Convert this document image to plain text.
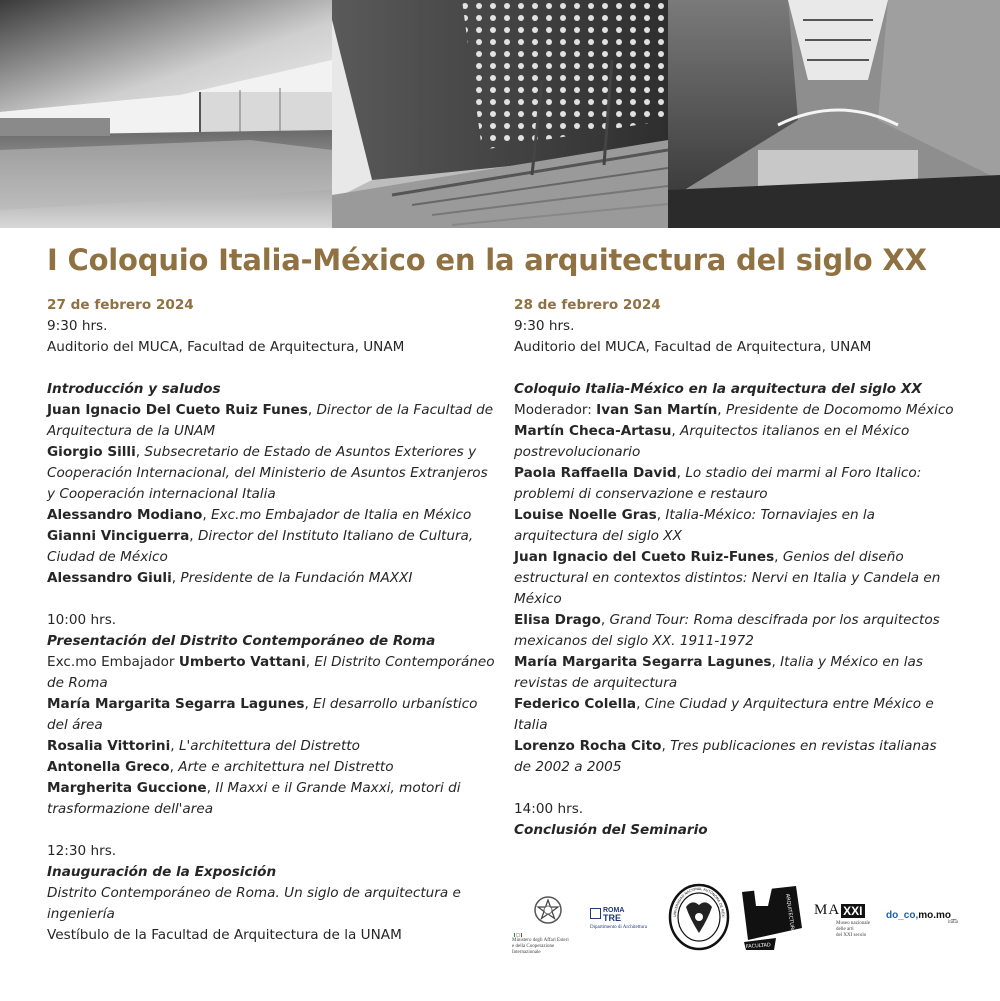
I Coloquio Italia-México en la arquitectura del siglo XX

27 de febrero 2024

9:30 hrs.

Auditorio del MUCA, Facultad de Arquitectura, UNAM

Introducción y saludos

Juan Ignacio Del Cueto Ruiz Funes, Director de la Facultad de Arquitectura de la UNAM

Giorgio Silli, Subsecretario de Estado de Asuntos Exteriores y Cooperación Internacional, del Ministerio de Asuntos Extranjeros y Cooperación internacional Italia

Alessandro Modiano, Exc.mo Embajador de Italia en México

Gianni Vinciguerra, Director del Instituto Italiano de Cultura, Ciudad de México

Alessandro Giuli, Presidente de la Fundación MAXXI

10:00 hrs.

Presentación del Distrito Contemporáneo de Roma

Exc.mo Embajador Umberto Vattani, El Distrito Contemporáneo de Roma

María Margarita Segarra Lagunes, El desarrollo urbanístico del área

Rosalia Vittorini, L'architettura del Distretto

Antonella Greco, Arte e architettura nel Distretto

Margherita Guccione, Il Maxxi e il Grande Maxxi, motori di trasformazione dell'area

12:30 hrs.

Inauguración de la Exposición

Distrito Contemporáneo de Roma. Un siglo de arquitectura e ingeniería

Vestíbulo de la Facultad de Arquitectura de la UNAM

28 de febrero 2024

9:30 hrs.

Auditorio del MUCA, Facultad de Arquitectura, UNAM

Coloquio Italia-México en la arquitectura del siglo XX

Moderador: Ivan San Martín, Presidente de Docomomo México

Martín Checa-Artasu, Arquitectos italianos en el México postrevolucionario

Paola Raffaella David, Lo stadio dei marmi al Foro Italico: problemi di conservazione e restauro

Louise Noelle Gras, Italia-México: Tornaviajes en la arquitectura del siglo XX

Juan Ignacio del Cueto Ruiz-Funes, Genios del diseño estructural en contextos distintos: Nervi en Italia y Candela en México

Elisa Drago, Grand Tour: Roma descifrada por los arquitectos mexicanos del siglo XX. 1911-1972

María Margarita Segarra Lagunes, Italia y México en las revistas de arquitectura

Federico Colella, Cine Ciudad y Arquitectura entre México e Italia

Lorenzo Rocha Cito, Tres publicaciones en revistas italianas de 2002 a 2005

14:00 hrs.

Conclusión del Seminario

Ministero degli Affari Esteri
e della Cooperazione Internazionale
ROMA
TRE
Dipartimento di Architettura
UNIVERSIDAD NACIONAL AUTÓNOMA DE MÉXI
FACULTAD
ARQUITECTURA MA XXI
Museo nazionale
delle arti
del XXI secolo
do_co,mo.mo_
italia
